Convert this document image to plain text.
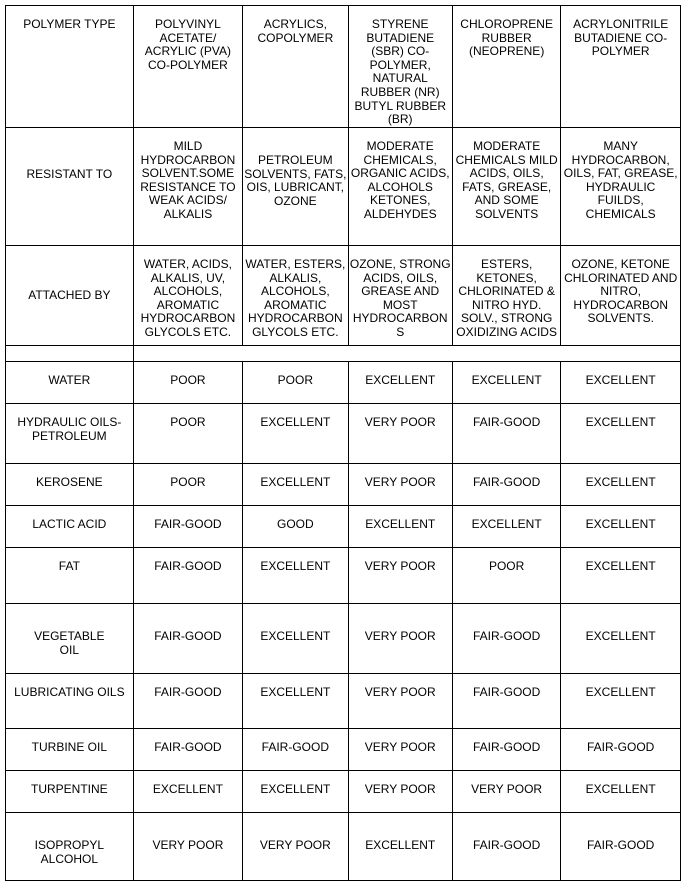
POLYMER TYPE	POLYVINYL ACETATE/ ACRYLIC (PVA) CO-POLYMER	ACRYLICS, COPOLYMER	STYRENE BUTADIENE (SBR) CO-POLYMER, NATURAL RUBBER (NR) BUTYL RUBBER (BR)	CHLOROPRENE RUBBER (NEOPRENE)	ACRYLONITRILE BUTADIENE CO-POLYMER
RESISTANT TO	MILD HYDROCARBON SOLVENT.SOME RESISTANCE TO WEAK ACIDS/ ALKALIS	PETROLEUM SOLVENTS, FATS, OIS, LUBRICANT, OZONE	MODERATE CHEMICALS, ORGANIC ACIDS, ALCOHOLS KETONES, ALDEHYDES	MODERATE CHEMICALS MILD ACIDS, OILS, FATS, GREASE, AND SOME SOLVENTS	MANY HYDROCARBON, OILS, FAT, GREASE, HYDRAULIC FUILDS, CHEMICALS
ATTACHED BY	WATER, ACIDS, ALKALIS, UV, ALCOHOLS, AROMATIC HYDROCARBON GLYCOLS ETC.	WATER, ESTERS, ALKALIS, ALCOHOLS, AROMATIC HYDROCARBON GLYCOLS ETC.	OZONE, STRONG ACIDS, OILS, GREASE AND MOST HYDROCARBONS	ESTERS, KETONES, CHLORINATED & NITRO HYD. SOLV., STRONG OXIDIZING ACIDS	OZONE, KETONE CHLORINATED AND NITRO, HYDROCARBON SOLVENTS.

WATER	POOR	POOR	EXCELLENT	EXCELLENT	EXCELLENT
HYDRAULIC OILS-PETROLEUM	POOR	EXCELLENT	VERY POOR	FAIR-GOOD	EXCELLENT
KEROSENE	POOR	EXCELLENT	VERY POOR	FAIR-GOOD	EXCELLENT
LACTIC ACID	FAIR-GOOD	GOOD	EXCELLENT	EXCELLENT	EXCELLENT
FAT	FAIR-GOOD	EXCELLENT	VERY POOR	POOR	EXCELLENT
VEGETABLE OIL	FAIR-GOOD	EXCELLENT	VERY POOR	FAIR-GOOD	EXCELLENT
LUBRICATING OILS	FAIR-GOOD	EXCELLENT	VERY POOR	FAIR-GOOD	EXCELLENT
TURBINE OIL	FAIR-GOOD	FAIR-GOOD	VERY POOR	FAIR-GOOD	FAIR-GOOD
TURPENTINE	EXCELLENT	EXCELLENT	VERY POOR	VERY POOR	EXCELLENT
ISOPROPYL ALCOHOL	VERY POOR	VERY POOR	EXCELLENT	FAIR-GOOD	FAIR-GOOD
